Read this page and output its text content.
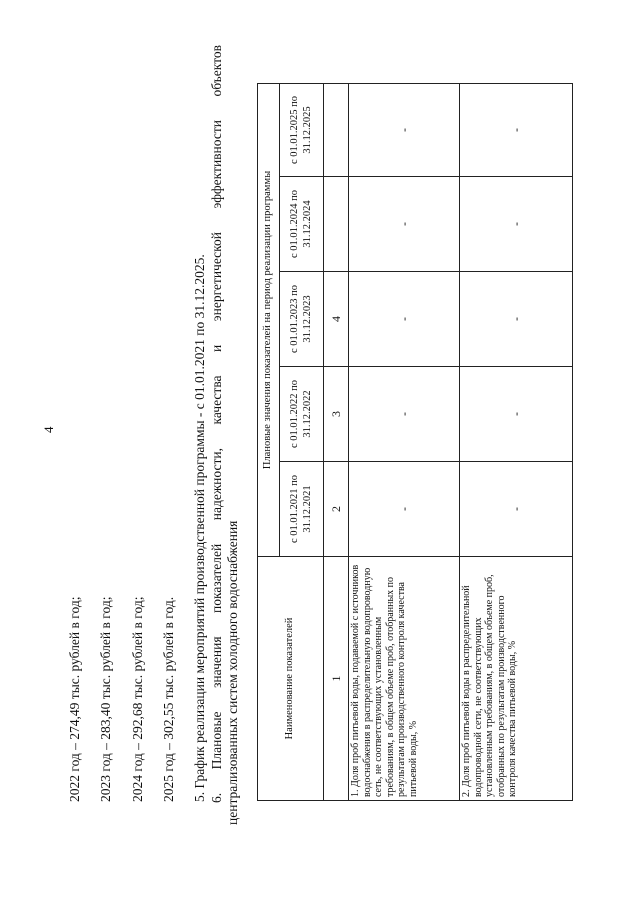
4
2022 год – 274,49 тыс. рублей в год; 2023 год – 283,40 тыс. рублей в год; 2024 год – 292,68 тыс. рублей в год; 2025 год – 302,55 тыс. рублей в год. 5. График реализации мероприятий производственной программы - с 01.01.2021 по 31.12.2025. 6.
Плановые
значения
показателей
надежности,
качества
и
энергетической
эффективности
объектов
централизованных систем холодного водоснабжения	Наименование показателей	Плановые значения показателей на период реализации программы				
	с 01.01.2021 по 31.12.2021	с 01.01.2022 по 31.12.2022	с 01.01.2023 по 31.12.2023	с 01.01.2024 по 31.12.2024	с 01.01.2025 по 31.12.2025
1	2	3	4		
1. Доля проб питьевой воды, подаваемой с источников водоснабжения в распределительную водопроводную сеть, не соответствующих установленным требованиям, в общем объеме проб, отобранных по результатам производственного контроля качества питьевой воды, %	-	-	-	-	-
2. Доля проб питьевой воды в распределительной водопроводной сети, не соответствующих установленным требованиям, в общем объеме проб, отобранных по результатам производственного контроля качества питьевой воды, %	-	-	-	-	-
